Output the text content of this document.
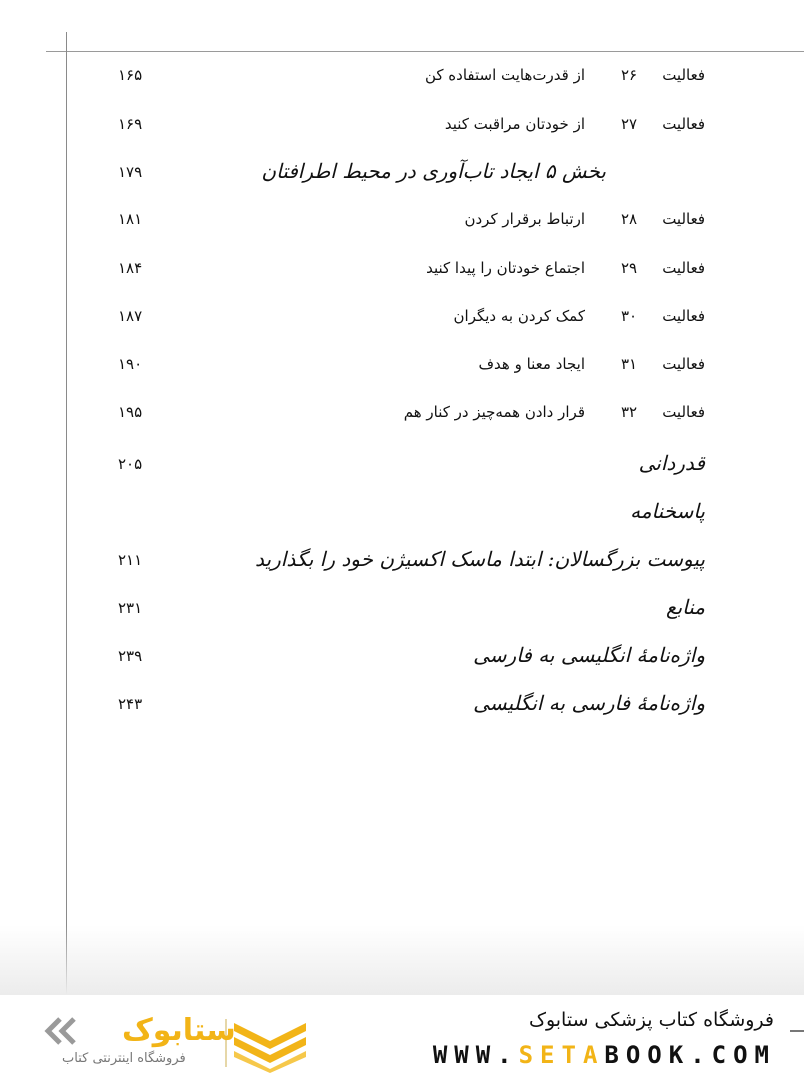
فعالیت
۲۶
از قدرت‌هایت استفاده کن
۱۶۵
فعالیت
۲۷
از خودتان مراقبت کنید
۱۶۹
بخش ۵ ایجاد تاب‌آوری در محیط اطرافتان
۱۷۹
فعالیت
۲۸
ارتباط برقرار کردن
۱۸۱
فعالیت
۲۹
اجتماع خودتان را پیدا کنید
۱۸۴
فعالیت
۳۰
کمک کردن به دیگران
۱۸۷
فعالیت
۳۱
ایجاد معنا و هدف
۱۹۰
فعالیت
۳۲
قرار دادن همه‌چیز در کنار هم
۱۹۵
قدردانی
۲۰۵
پاسخنامه
پیوست بزرگسالان: ابتدا ماسک اکسیژن خود را بگذارید
۲۱۱
منابع
۲۳۱
واژه‌نامهٔ انگلیسی به فارسی
۲۳۹
واژه‌نامهٔ فارسی به انگلیسی
۲۴۳
ستابوک
فروشگاه اینترنتی کتاب
فروشگاه کتاب پزشکی ستابوک
WWW.SETABOOK.COM
